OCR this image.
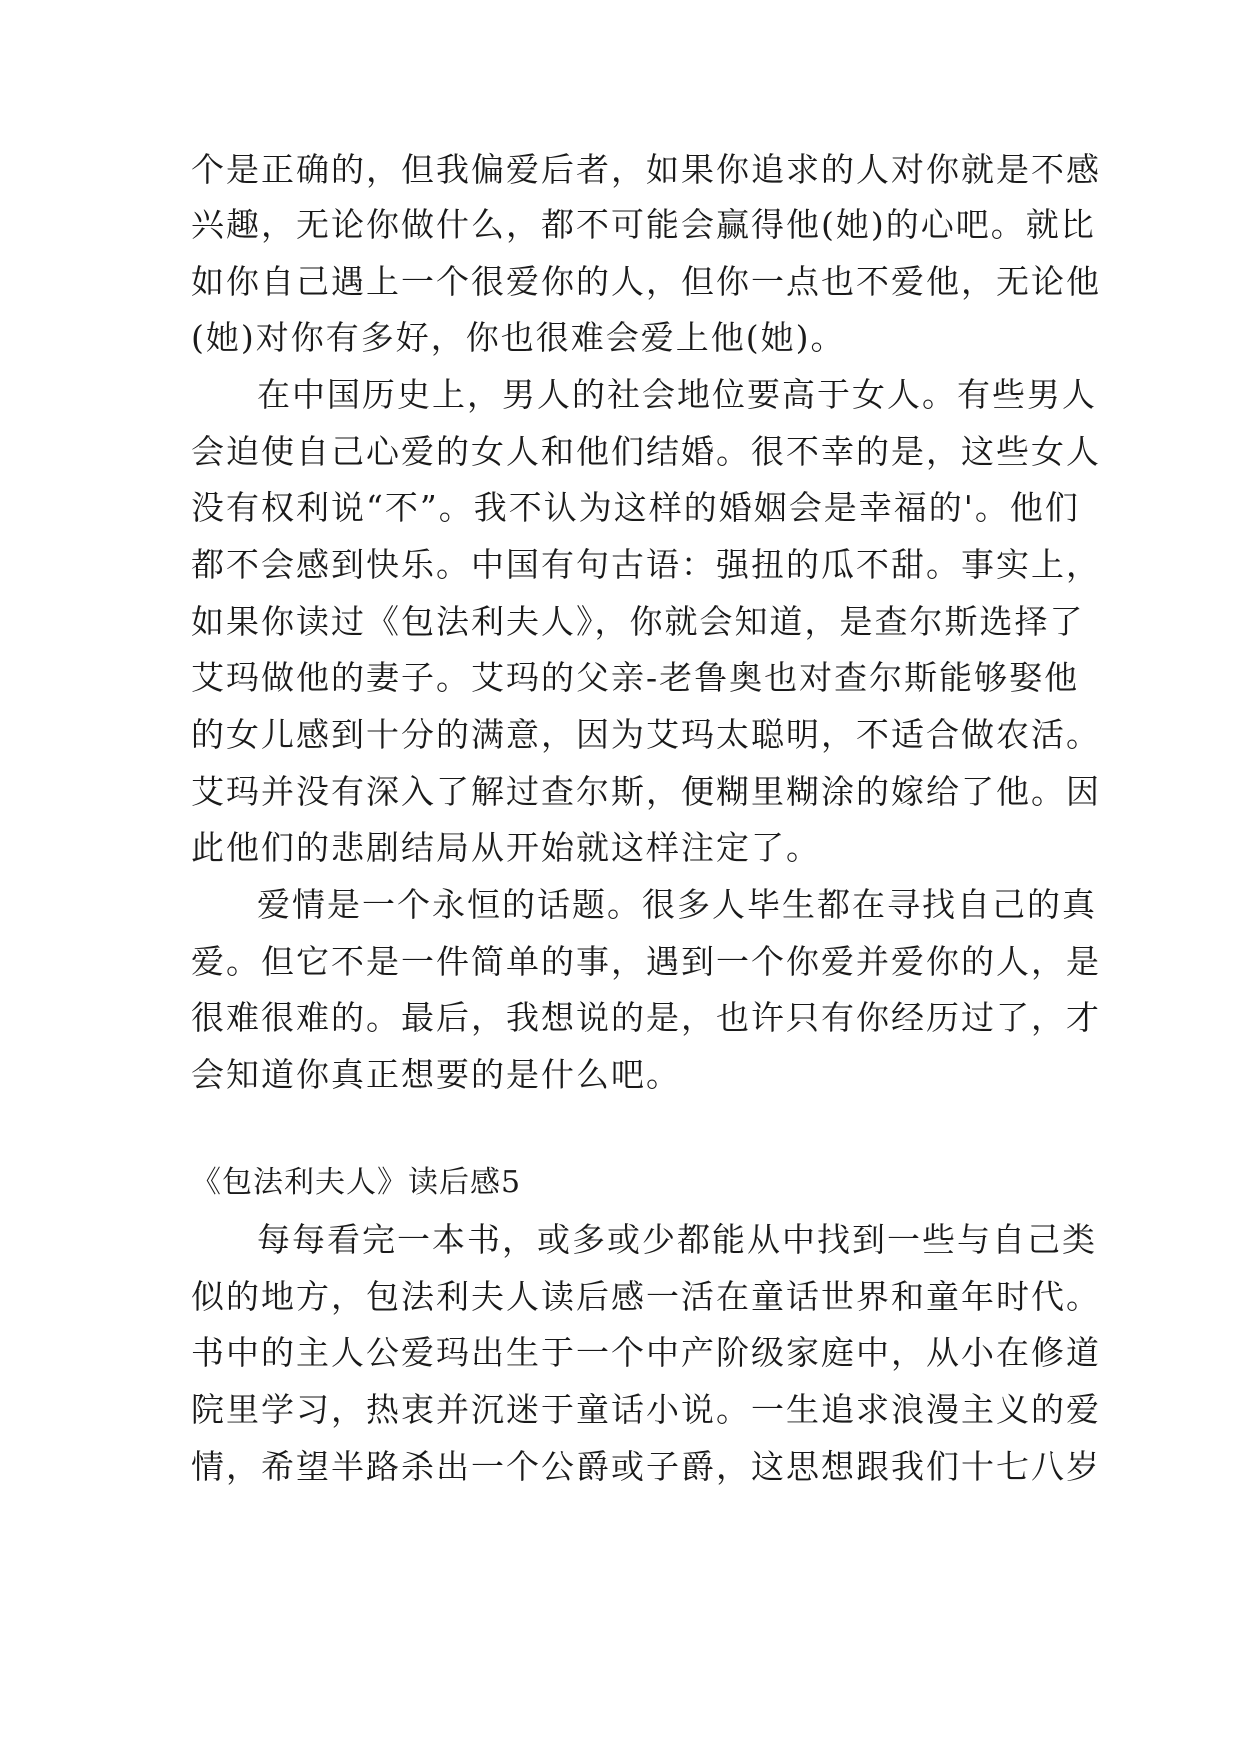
个是正确的，但我偏爱后者，如果你追求的人对你就是不感
兴趣，无论你做什么，都不可能会赢得他(她)的心吧。就比
如你自己遇上一个很爱你的人，但你一点也不爱他，无论他
(她)对你有多好，你也很难会爱上他(她)。
在中国历史上，男人的社会地位要高于女人。有些男人
会迫使自己心爱的女人和他们结婚。很不幸的是，这些女人
没有权利说“不”。我不认为这样的婚姻会是幸福的'。他们
都不会感到快乐。中国有句古语：强扭的瓜不甜。事实上，
如果你读过《包法利夫人》，你就会知道，是查尔斯选择了
艾玛做他的妻子。艾玛的父亲-老鲁奥也对查尔斯能够娶他
的女儿感到十分的满意，因为艾玛太聪明，不适合做农活。
艾玛并没有深入了解过查尔斯，便糊里糊涂的嫁给了他。因
此他们的悲剧结局从开始就这样注定了。
爱情是一个永恒的话题。很多人毕生都在寻找自己的真
爱。但它不是一件简单的事，遇到一个你爱并爱你的人，是
很难很难的。最后，我想说的是，也许只有你经历过了，才
会知道你真正想要的是什么吧。
《包法利夫人》读后感5
每每看完一本书，或多或少都能从中找到一些与自己类
似的地方，包法利夫人读后感一活在童话世界和童年时代。
书中的主人公爱玛出生于一个中产阶级家庭中，从小在修道
院里学习，热衷并沉迷于童话小说。一生追求浪漫主义的爱
情，希望半路杀出一个公爵或子爵，这思想跟我们十七八岁
